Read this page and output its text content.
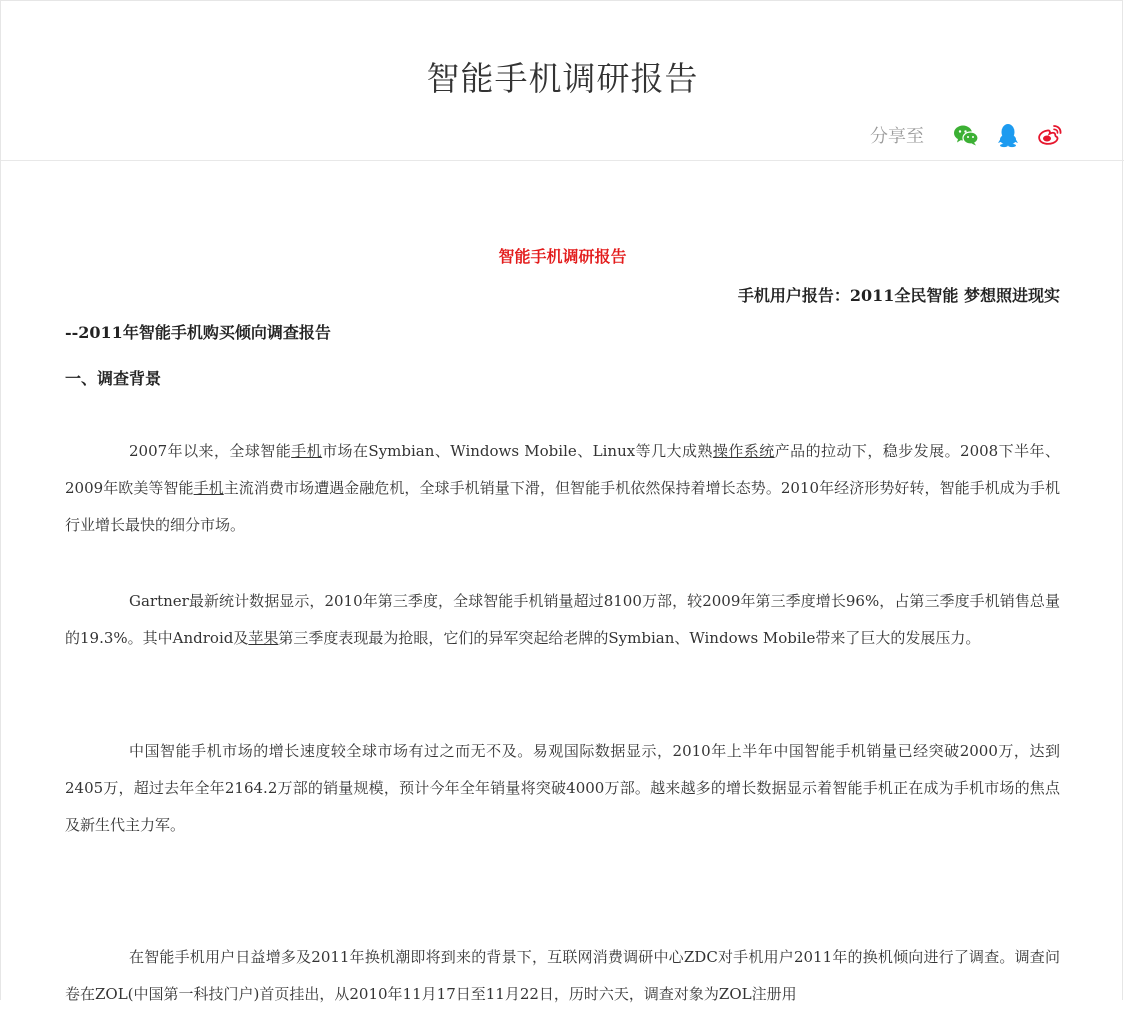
智能手机调研报告
分享至
智能手机调研报告
手机用户报告：2011全民智能 梦想照进现实
--2011年智能手机购买倾向调查报告
一、调查背景

2007年以来，全球智能手机市场在Symbian、Windows Mobile、Linux等几大成熟操作系统产品的拉动下，稳步发展。2008下半年、2009年欧美等智能手机主流消费市场遭遇金融危机，全球手机销量下滑，但智能手机依然保持着增长态势。2010年经济形势好转，智能手机成为手机行业增长最快的细分市场。

Gartner最新统计数据显示，2010年第三季度，全球智能手机销量超过8100万部，较2009年第三季度增长96%，占第三季度手机销售总量的19.3%。其中Android及苹果第三季度表现最为抢眼，它们的异军突起给老牌的Symbian、Windows Mobile带来了巨大的发展压力。

中国智能手机市场的增长速度较全球市场有过之而无不及。易观国际数据显示，2010年上半年中国智能手机销量已经突破2000万，达到2405万，超过去年全年2164.2万部的销量规模，预计今年全年销量将突破4000万部。越来越多的增长数据显示着智能手机正在成为手机市场的焦点及新生代主力军。

在智能手机用户日益增多及2011年换机潮即将到来的背景下，互联网消费调研中心ZDC对手机用户2011年的换机倾向进行了调查。调查问卷在ZOL(中国第一科技门户)首页挂出，从2010年11月17日至11月22日，历时六天，调查对象为ZOL注册用
